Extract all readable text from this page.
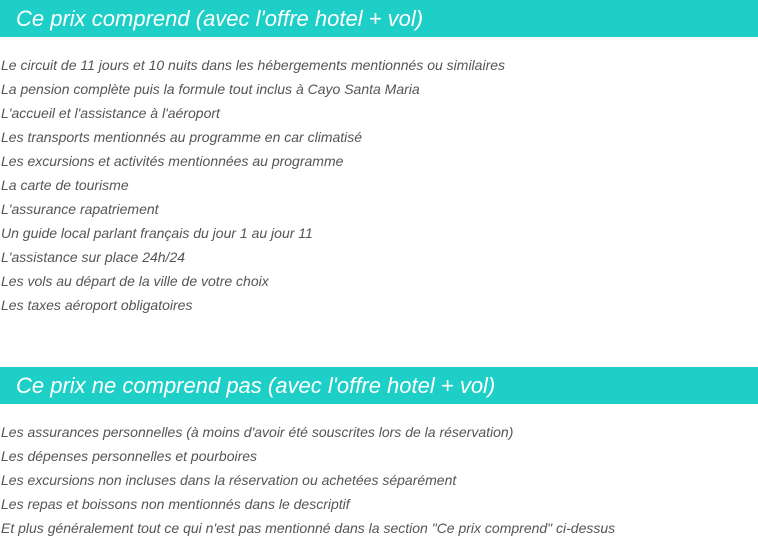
Ce prix comprend (avec l'offre hotel + vol)
Le circuit de 11 jours et 10 nuits dans les hébergements mentionnés ou similaires
La pension complète puis la formule tout inclus à Cayo Santa Maria
L'accueil et l'assistance à l'aéroport
Les transports mentionnés au programme en car climatisé
Les excursions et activités mentionnées au programme
La carte de tourisme
L'assurance rapatriement
Un guide local parlant français du jour 1 au jour 11
L'assistance sur place 24h/24
Les vols au départ de la ville de votre choix
Les taxes aéroport obligatoires
Ce prix ne comprend pas (avec l'offre hotel + vol)
Les assurances personnelles (à moins d'avoir été souscrites lors de la réservation)
Les dépenses personnelles et pourboires
Les excursions non incluses dans la réservation ou achetées séparément
Les repas et boissons non mentionnés dans le descriptif
Et plus généralement tout ce qui n'est pas mentionné dans la section "Ce prix comprend" ci-dessus
